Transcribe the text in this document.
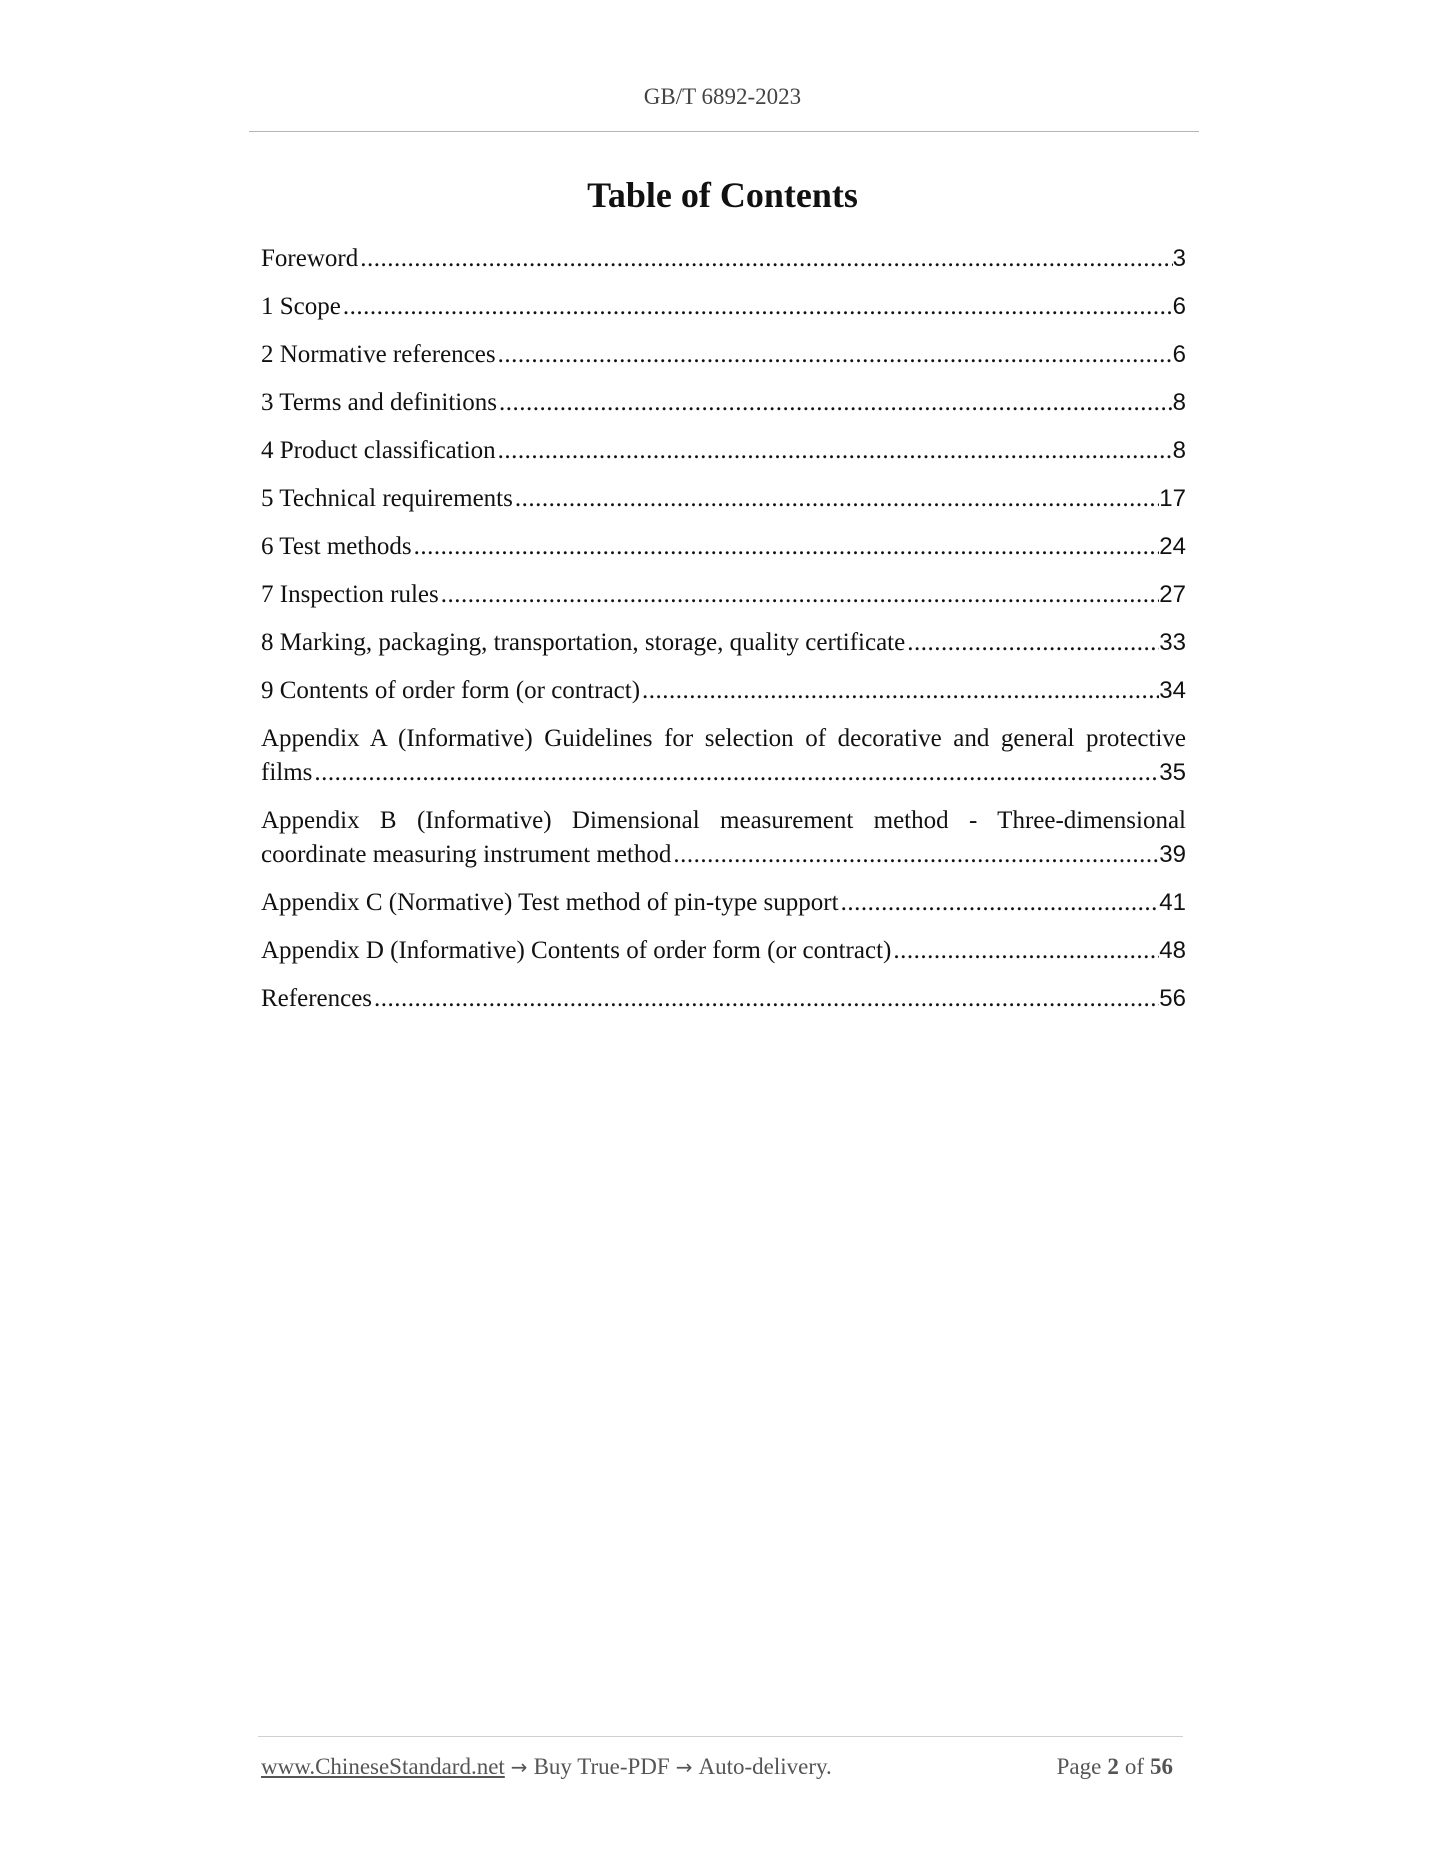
GB/T 6892-2023
Table of Contents
Foreword .....	3
1 Scope .....	6
2 Normative references .....	6
3 Terms and definitions .....	8
4 Product classification .....	8
5 Technical requirements .....	17
6 Test methods .....	24
7 Inspection rules .....	27
8 Marking, packaging, transportation, storage, quality certificate .....	33
9 Contents of order form (or contract) .....	34
Appendix A (Informative) Guidelines for selection of decorative and general protective
films .....	35
Appendix B (Informative) Dimensional measurement method - Three-dimensional
coordinate measuring instrument method .....	39
Appendix C (Normative) Test method of pin-type support .....	41
Appendix D (Informative) Contents of order form (or contract) .....	48
References .....	56
www.ChineseStandard.net → Buy True-PDF → Auto-delivery.	Page 2 of 56
